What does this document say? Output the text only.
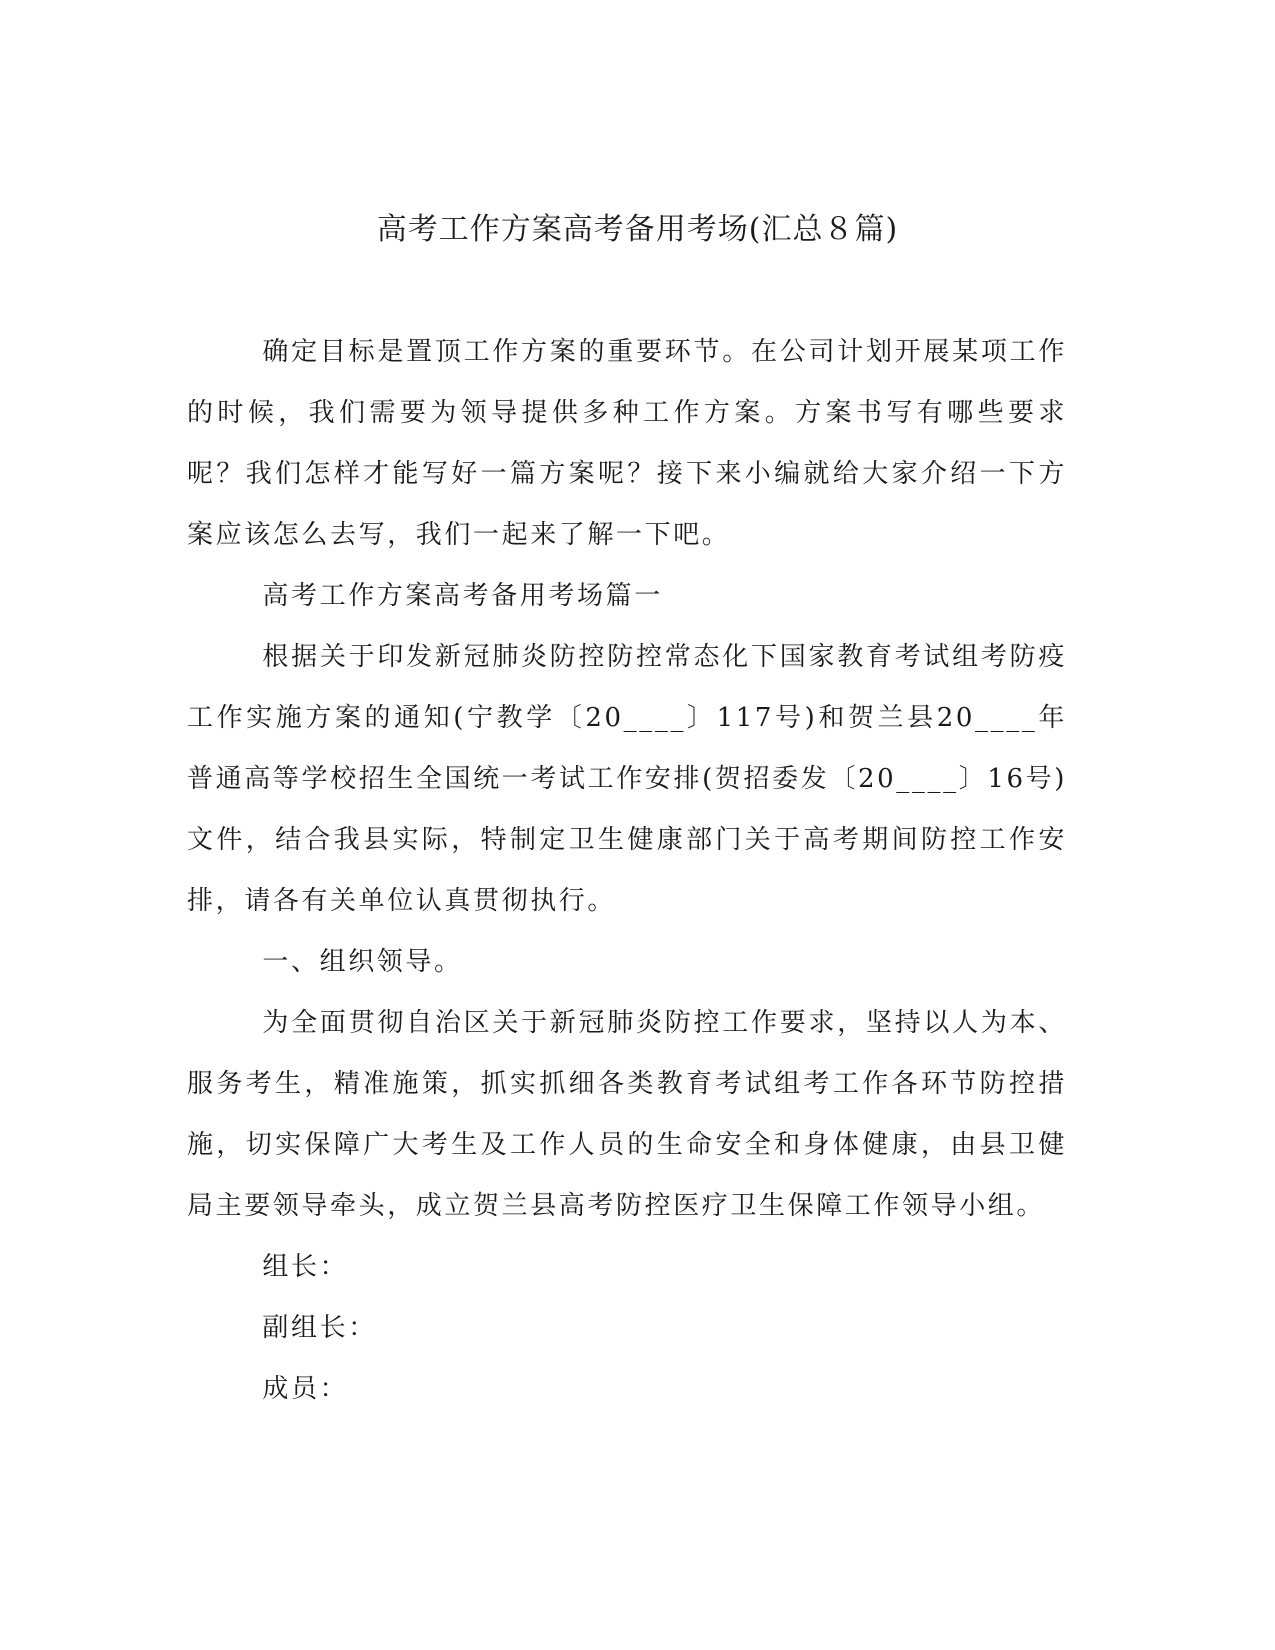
高考工作方案高考备用考场(汇总８篇)

确定目标是置顶工作方案的重要环节。在公司计划开展某项工作的时候，我们需要为领导提供多种工作方案。方案书写有哪些要求呢？我们怎样才能写好一篇方案呢？接下来小编就给大家介绍一下方案应该怎么去写，我们一起来了解一下吧。

高考工作方案高考备用考场篇一

根据关于印发新冠肺炎防控防控常态化下国家教育考试组考防疫工作实施方案的通知(宁教学〔20____〕117号)和贺兰县20____年普通高等学校招生全国统一考试工作安排(贺招委发〔20____〕16号)文件，结合我县实际，特制定卫生健康部门关于高考期间防控工作安排，请各有关单位认真贯彻执行。

一、组织领导。

为全面贯彻自治区关于新冠肺炎防控工作要求，坚持以人为本、服务考生，精准施策，抓实抓细各类教育考试组考工作各环节防控措施，切实保障广大考生及工作人员的生命安全和身体健康，由县卫健局主要领导牵头，成立贺兰县高考防控医疗卫生保障工作领导小组。

组长：

副组长：

成员：
